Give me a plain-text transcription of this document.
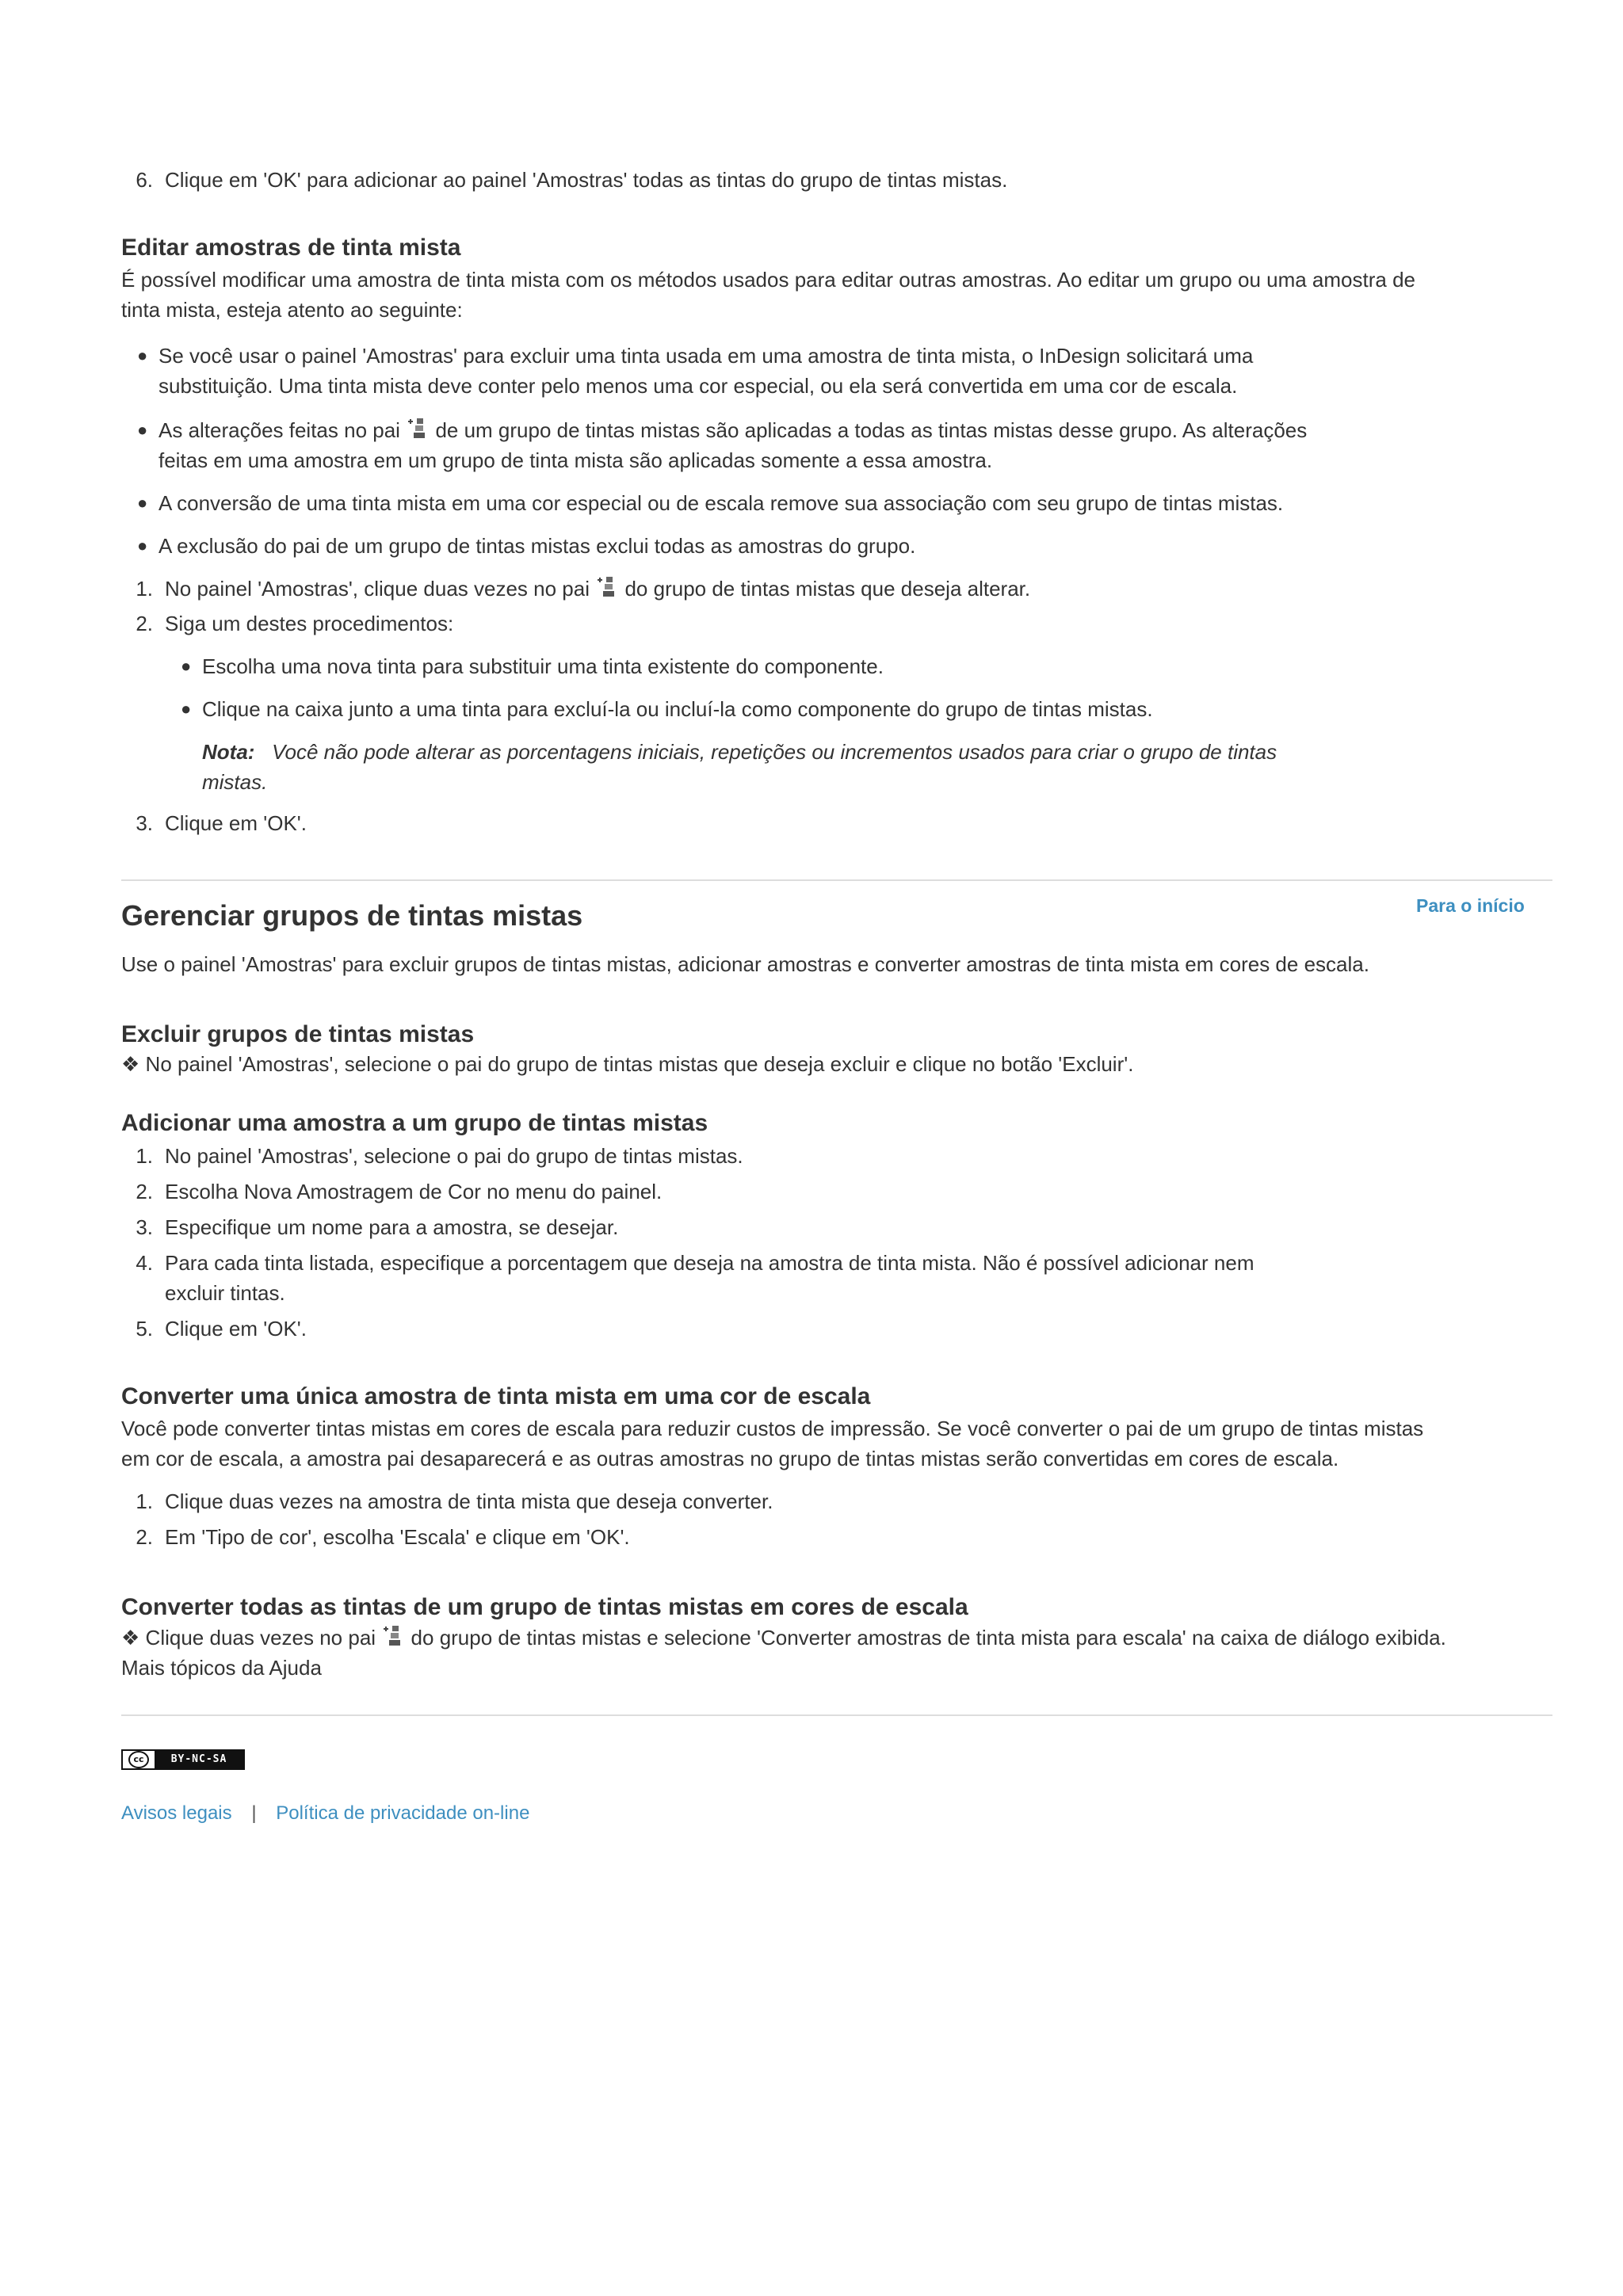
6. Clique em 'OK' para adicionar ao painel 'Amostras' todas as tintas do grupo de tintas mistas.
Editar amostras de tinta mista
É possível modificar uma amostra de tinta mista com os métodos usados para editar outras amostras. Ao editar um grupo ou uma amostra de
tinta mista, esteja atento ao seguinte:
● Se você usar o painel 'Amostras' para excluir uma tinta usada em uma amostra de tinta mista, o InDesign solicitará uma
substituição. Uma tinta mista deve conter pelo menos uma cor especial, ou ela será convertida em uma cor de escala.
● As alterações feitas no pai de um grupo de tintas mistas são aplicadas a todas as tintas mistas desse grupo. As alterações
feitas em uma amostra em um grupo de tinta mista são aplicadas somente a essa amostra.
● A conversão de uma tinta mista em uma cor especial ou de escala remove sua associação com seu grupo de tintas mistas.
● A exclusão do pai de um grupo de tintas mistas exclui todas as amostras do grupo.
1. No painel 'Amostras', clique duas vezes no pai do grupo de tintas mistas que deseja alterar.
2. Siga um destes procedimentos:
● Escolha uma nova tinta para substituir uma tinta existente do componente.
● Clique na caixa junto a uma tinta para excluí-la ou incluí-la como componente do grupo de tintas mistas.
Nota: Você não pode alterar as porcentagens iniciais, repetições ou incrementos usados para criar o grupo de tintas
mistas.
3. Clique em 'OK'.
Para o início
Gerenciar grupos de tintas mistas
Use o painel 'Amostras' para excluir grupos de tintas mistas, adicionar amostras e converter amostras de tinta mista em cores de escala.
Excluir grupos de tintas mistas
❖ No painel 'Amostras', selecione o pai do grupo de tintas mistas que deseja excluir e clique no botão 'Excluir'.
Adicionar uma amostra a um grupo de tintas mistas
1. No painel 'Amostras', selecione o pai do grupo de tintas mistas.
2. Escolha Nova Amostragem de Cor no menu do painel.
3. Especifique um nome para a amostra, se desejar.
4. Para cada tinta listada, especifique a porcentagem que deseja na amostra de tinta mista. Não é possível adicionar nem
excluir tintas.
5. Clique em 'OK'.
Converter uma única amostra de tinta mista em uma cor de escala
Você pode converter tintas mistas em cores de escala para reduzir custos de impressão. Se você converter o pai de um grupo de tintas mistas
em cor de escala, a amostra pai desaparecerá e as outras amostras no grupo de tintas mistas serão convertidas em cores de escala.
1. Clique duas vezes na amostra de tinta mista que deseja converter.
2. Em 'Tipo de cor', escolha 'Escala' e clique em 'OK'.
Converter todas as tintas de um grupo de tintas mistas em cores de escala
❖ Clique duas vezes no pai do grupo de tintas mistas e selecione 'Converter amostras de tinta mista para escala' na caixa de diálogo exibida.
Mais tópicos da Ajuda
cc	BY-NC-SA
Avisos legais | Política de privacidade on-line
